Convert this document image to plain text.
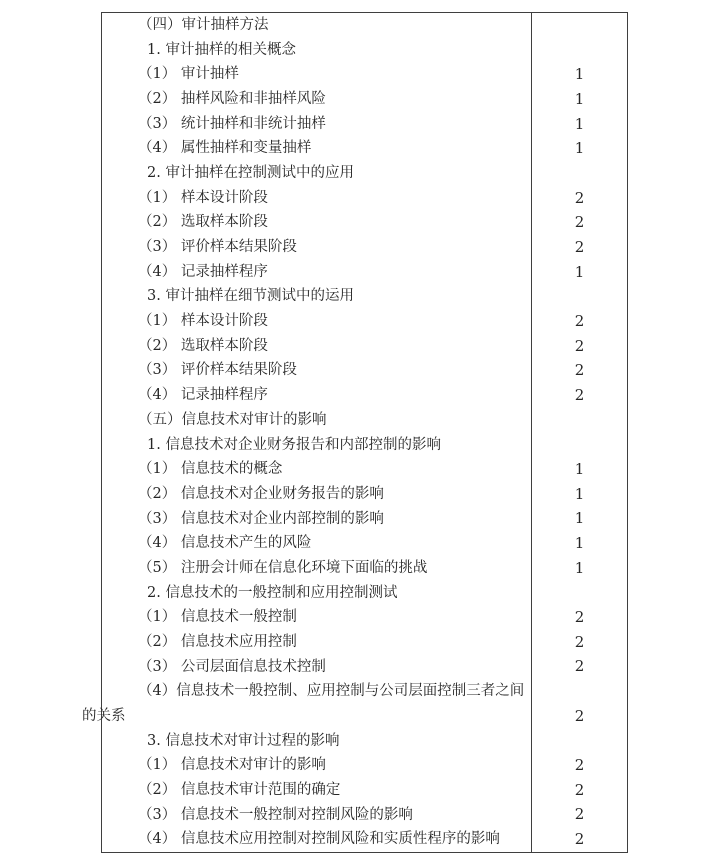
（四）审计抽样方法
1. 审计抽样的相关概念
（1） 审计抽样	1
（2） 抽样风险和非抽样风险	1
（3） 统计抽样和非统计抽样	1
（4） 属性抽样和变量抽样	1
2. 审计抽样在控制测试中的应用
（1） 样本设计阶段	2
（2） 选取样本阶段	2
（3） 评价样本结果阶段	2
（4） 记录抽样程序	1
3. 审计抽样在细节测试中的运用
（1） 样本设计阶段	2
（2） 选取样本阶段	2
（3） 评价样本结果阶段	2
（4） 记录抽样程序	2
（五）信息技术对审计的影响
1. 信息技术对企业财务报告和内部控制的影响
（1） 信息技术的概念	1
（2） 信息技术对企业财务报告的影响	1
（3） 信息技术对企业内部控制的影响	1
（4） 信息技术产生的风险	1
（5） 注册会计师在信息化环境下面临的挑战	1
2. 信息技术的一般控制和应用控制测试
（1） 信息技术一般控制	2
（2） 信息技术应用控制	2
（3） 公司层面信息技术控制	2
（4）信息技术一般控制、应用控制与公司层面控制三者之间
的关系	2
3. 信息技术对审计过程的影响
（1） 信息技术对审计的影响	2
（2） 信息技术审计范围的确定	2
（3） 信息技术一般控制对控制风险的影响	2
（4） 信息技术应用控制对控制风险和实质性程序的影响	2
